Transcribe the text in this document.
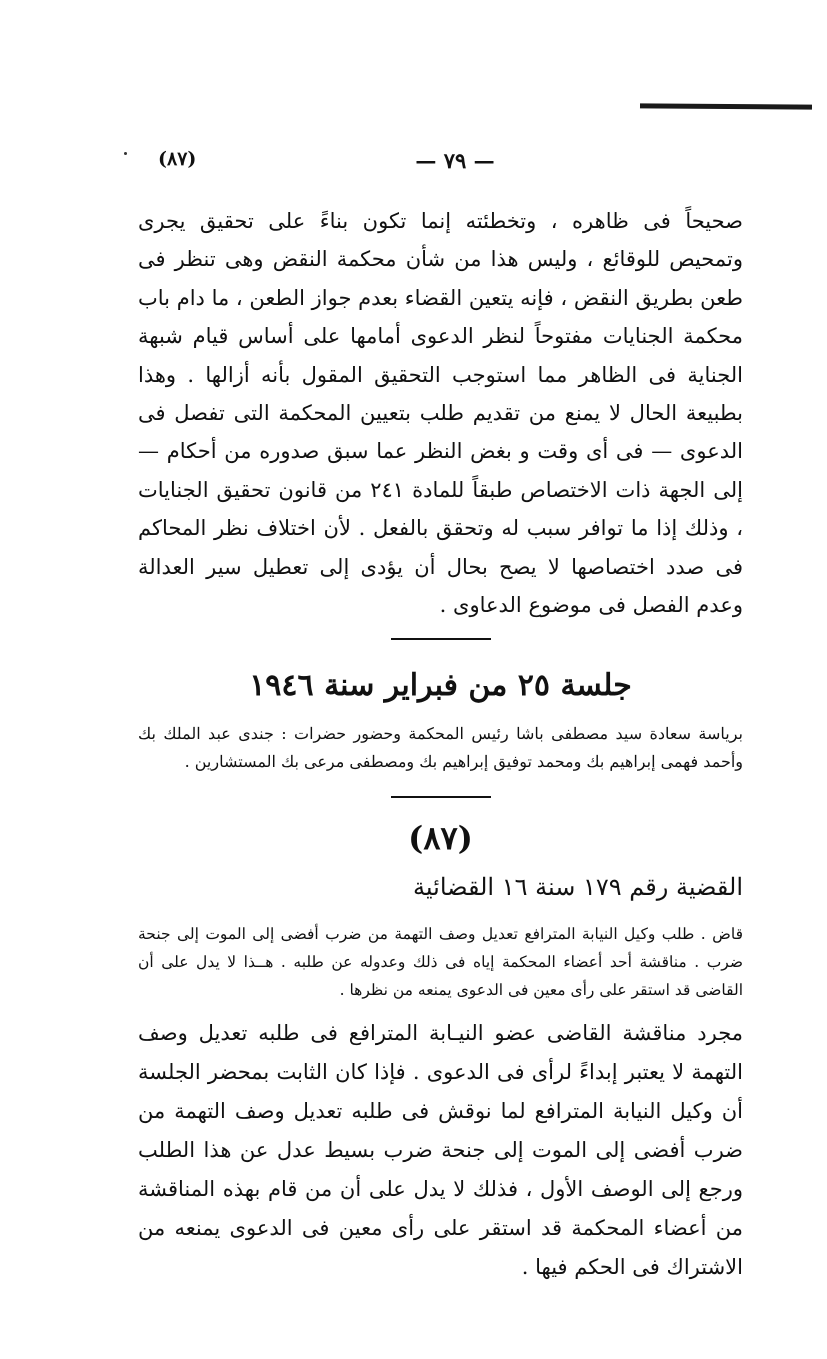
(٨٧)	— ٧٩ —

صحيحاً فى ظاهره ، وتخطئته إنما تكون بناءً على تحقيق يجرى وتمحيص للوقائع ، وليس هذا من شأن محكمة النقض وهى تنظر فى طعن بطريق النقض ، فإنه يتعين القضاء بعدم جواز الطعن ، ما دام باب محكمة الجنايات مفتوحاً لنظر الدعوى أمامها على أساس قيام شبهة الجناية فى الظاهر مما استوجب التحقيق المقول بأنه أزالها . وهذا بطبيعة الحال لا يمنع من تقديم طلب بتعيين المحكمة التى تفصل فى الدعوى — فى أى وقت و بغض النظر عما سبق صدوره من أحكام — إلى الجهة ذات الاختصاص طبقاً للمادة ٢٤١ من قانون تحقيق الجنايات ، وذلك إذا ما توافر سبب له وتحقق بالفعل . لأن اختلاف نظر المحاكم فى صدد اختصاصها لا يصح بحال أن يؤدى إلى تعطيل سير العدالة وعدم الفصل فى موضوع الدعاوى .

جلسة ٢٥ من فبراير سنة ١٩٤٦

برياسة سعادة سيد مصطفى باشا رئيس المحكمة وحضور حضرات : جندى عبد الملك بك وأحمد فهمى إبراهيم بك ومحمد توفيق إبراهيم بك ومصطفى مرعى بك المستشارين .

(٨٧)
القضية رقم ١٧٩ سنة ١٦ القضائية

قاض . طلب وكيل النيابة المترافع تعديل وصف التهمة من ضرب أفضى إلى الموت إلى جنحة ضرب . مناقشة أحد أعضاء المحكمة إياه فى ذلك وعدوله عن طلبه . هــذا لا يدل على أن القاضى قد استقر على رأى معين فى الدعوى يمنعه من نظرها .

مجرد مناقشة القاضى عضو النيـابة المترافع فى طلبه تعديل وصف التهمة لا يعتبر إبداءً لرأى فى الدعوى . فإذا كان الثابت بمحضر الجلسة أن وكيل النيابة المترافع لما نوقش فى طلبه تعديل وصف التهمة من ضرب أفضى إلى الموت إلى جنحة ضرب بسيط عدل عن هذا الطلب ورجع إلى الوصف الأول ، فذلك لا يدل على أن من قام بهذه المناقشة من أعضاء المحكمة قد استقر على رأى معين فى الدعوى يمنعه من الاشتراك فى الحكم فيها .
